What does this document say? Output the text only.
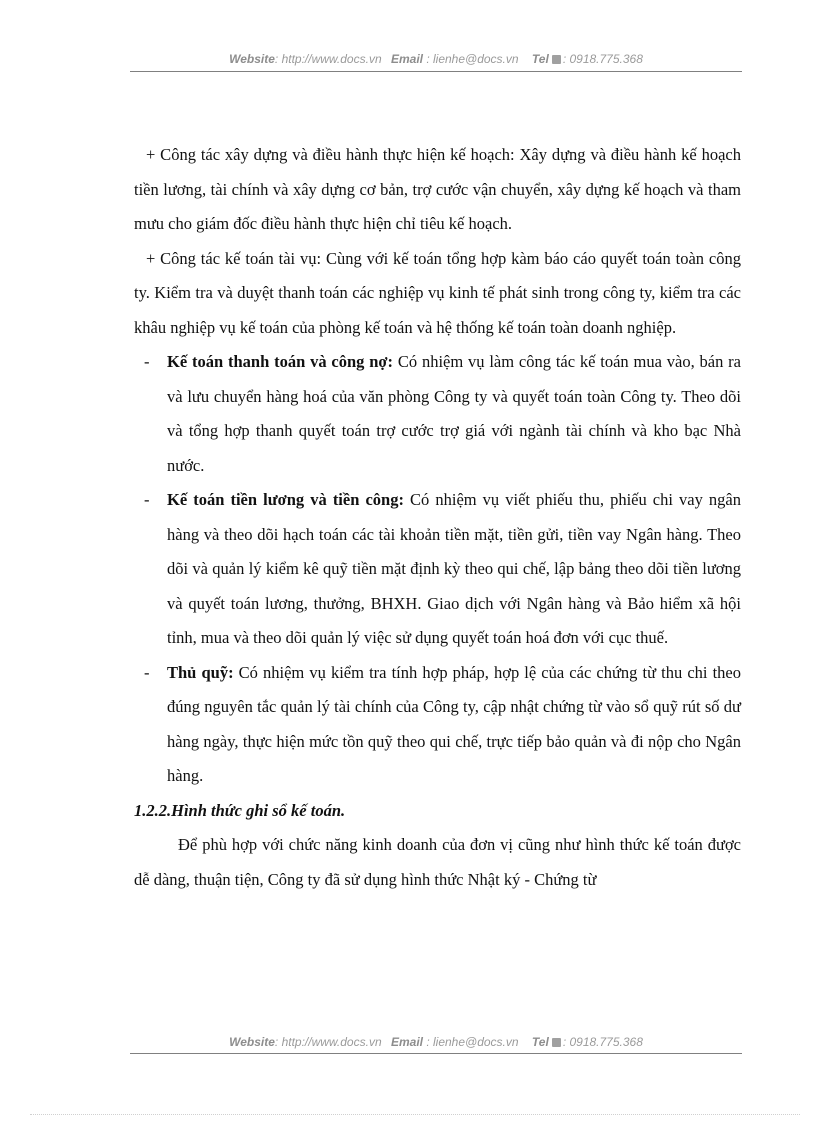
Website: http://www.docs.vn Email : lienhe@docs.vn Tel : 0918.775.368

+ Công tác xây dựng và điều hành thực hiện kế hoạch: Xây dựng và điều hành kế hoạch tiền lương, tài chính và xây dựng cơ bản, trợ cước vận chuyển, xây dựng kế hoạch và tham mưu cho giám đốc điều hành thực hiện chỉ tiêu kế hoạch.

+ Công tác kế toán tài vụ: Cùng với kế toán tổng hợp kàm báo cáo quyết toán toàn công ty. Kiểm tra và duyệt thanh toán các nghiệp vụ kinh tế phát sinh trong công ty, kiểm tra các khâu nghiệp vụ kế toán của phòng kế toán và hệ thống kế toán toàn doanh nghiệp.

- Kế toán thanh toán và công nợ: Có nhiệm vụ làm công tác kế toán mua vào, bán ra và lưu chuyển hàng hoá của văn phòng Công ty và quyết toán toàn Công ty. Theo dõi và tổng hợp thanh quyết toán trợ cước trợ giá với ngành tài chính và kho bạc Nhà nước.
- Kế toán tiền lương và tiền công: Có nhiệm vụ viết phiếu thu, phiếu chi vay ngân hàng và theo dõi hạch toán các tài khoản tiền mặt, tiền gửi, tiền vay Ngân hàng. Theo dõi và quản lý kiểm kê quỹ tiền mặt định kỳ theo qui chế, lập bảng theo dõi tiền lương và quyết toán lương, thưởng, BHXH. Giao dịch với Ngân hàng và Bảo hiểm xã hội tỉnh, mua và theo dõi quản lý việc sử dụng quyết toán hoá đơn với cục thuế.
- Thủ quỹ: Có nhiệm vụ kiểm tra tính hợp pháp, hợp lệ của các chứng từ thu chi theo đúng nguyên tắc quản lý tài chính của Công ty, cập nhật chứng từ vào sổ quỹ rút số dư hàng ngày, thực hiện mức tồn quỹ theo qui chế, trực tiếp bảo quản và đi nộp cho Ngân hàng.

1.2.2.Hình thức ghi sổ kế toán.

Để phù hợp với chức năng kinh doanh của đơn vị cũng như hình thức kế toán được dễ dàng, thuận tiện, Công ty đã sử dụng hình thức Nhật ký - Chứng từ

Website: http://www.docs.vn Email : lienhe@docs.vn Tel : 0918.775.368
